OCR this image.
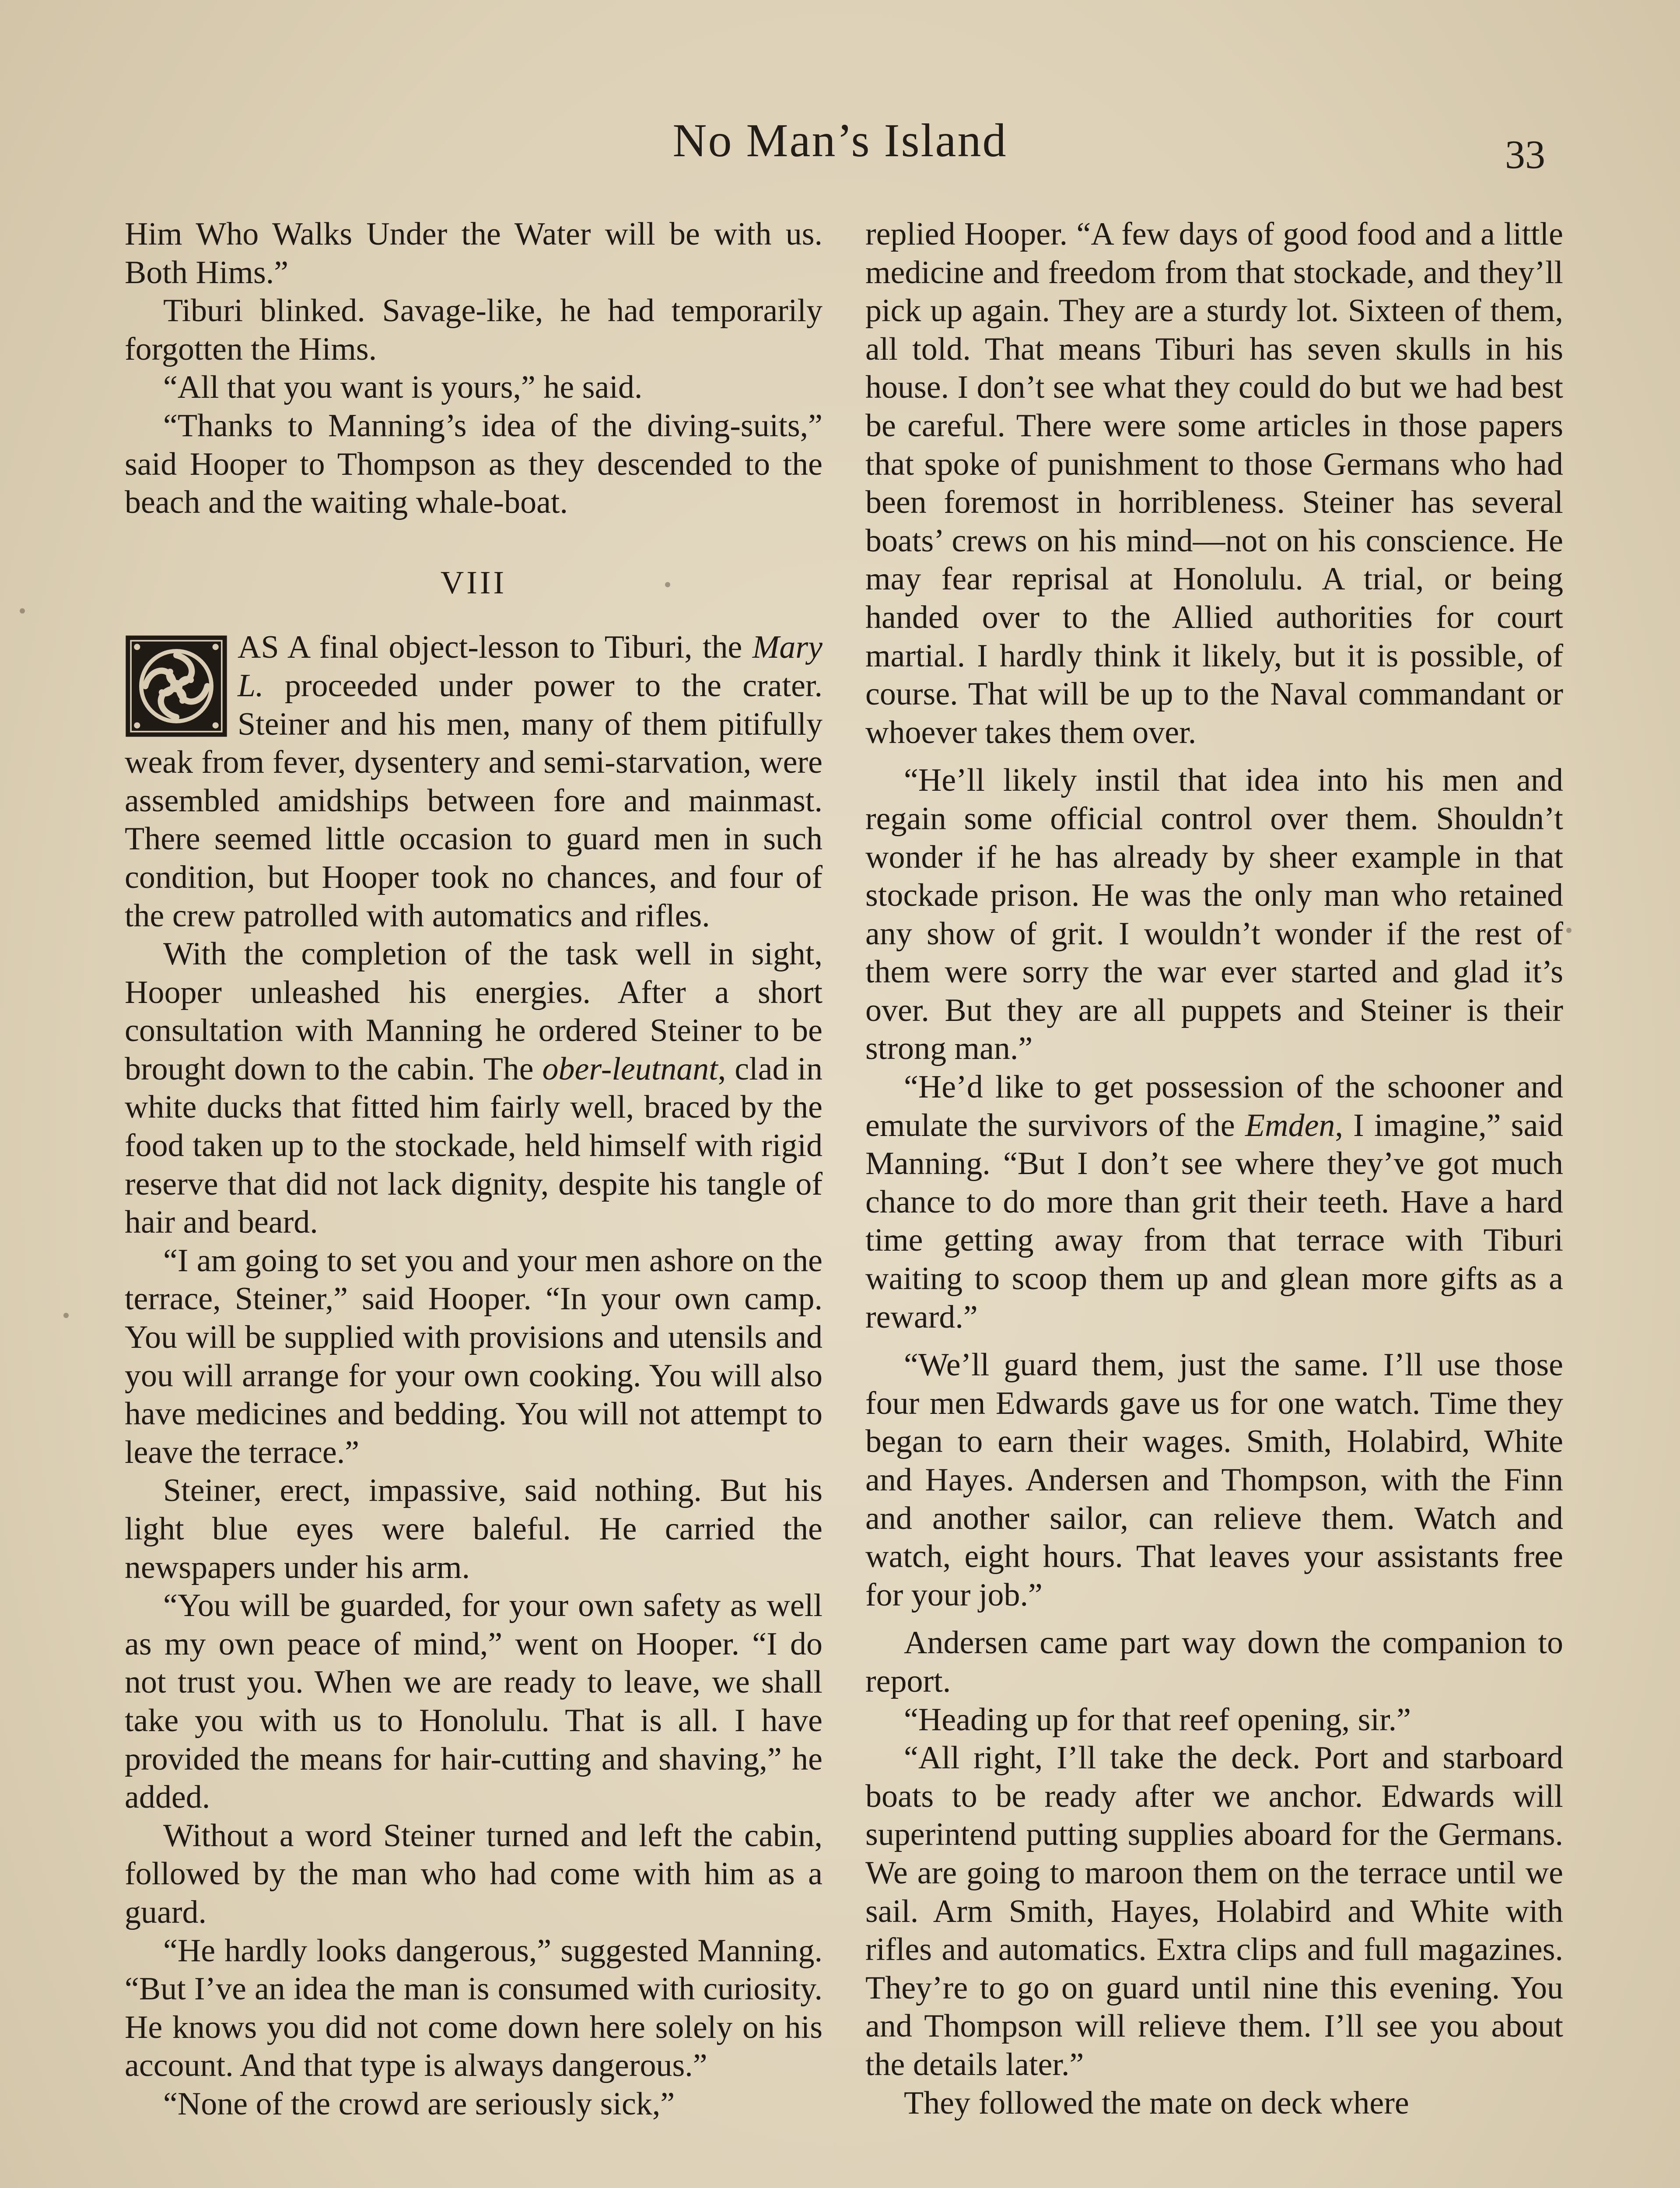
No Man’s Island	33

Him Who Walks Under the Water will be with us. Both Hims.”

Tiburi blinked. Savage-like, he had temporarily forgotten the Hims.

“All that you want is yours,” he said.

“Thanks to Manning’s idea of the diving-suits,” said Hooper to Thompson as they descended to the beach and the waiting whale-boat.

VIII

AS A final object-lesson to Tiburi, the Mary L. proceeded under power to the crater. Steiner and his men, many of them pitifully weak from fever, dysentery and semi-starvation, were assembled amidships between fore and mainmast. There seemed little occasion to guard men in such condition, but Hooper took no chances, and four of the crew patrolled with automatics and rifles.

With the completion of the task well in sight, Hooper unleashed his energies. After a short consultation with Manning he ordered Steiner to be brought down to the cabin. The ober-leutnant, clad in white ducks that fitted him fairly well, braced by the food taken up to the stockade, held himself with rigid reserve that did not lack dignity, despite his tangle of hair and beard.

“I am going to set you and your men ashore on the terrace, Steiner,” said Hooper. “In your own camp. You will be supplied with provisions and utensils and you will arrange for your own cooking. You will also have medicines and bedding. You will not attempt to leave the terrace.”

Steiner, erect, impassive, said nothing. But his light blue eyes were baleful. He carried the newspapers under his arm.

“You will be guarded, for your own safety as well as my own peace of mind,” went on Hooper. “I do not trust you. When we are ready to leave, we shall take you with us to Honolulu. That is all. I have provided the means for hair-cutting and shaving,” he added.

Without a word Steiner turned and left the cabin, followed by the man who had come with him as a guard.

“He hardly looks dangerous,” suggested Manning. “But I’ve an idea the man is consumed with curiosity. He knows you did not come down here solely on his account. And that type is always dangerous.”

“None of the crowd are seriously sick,”

replied Hooper. “A few days of good food and a little medicine and freedom from that stockade, and they’ll pick up again. They are a sturdy lot. Sixteen of them, all told. That means Tiburi has seven skulls in his house. I don’t see what they could do but we had best be careful. There were some articles in those papers that spoke of punishment to those Germans who had been foremost in horribleness. Steiner has several boats’ crews on his mind—not on his conscience. He may fear reprisal at Honolulu. A trial, or being handed over to the Allied authorities for court martial. I hardly think it likely, but it is possible, of course. That will be up to the Naval commandant or whoever takes them over.

“He’ll likely instil that idea into his men and regain some official control over them. Shouldn’t wonder if he has already by sheer example in that stockade prison. He was the only man who retained any show of grit. I wouldn’t wonder if the rest of them were sorry the war ever started and glad it’s over. But they are all puppets and Steiner is their strong man.”

“He’d like to get possession of the schooner and emulate the survivors of the Emden, I imagine,” said Manning. “But I don’t see where they’ve got much chance to do more than grit their teeth. Have a hard time getting away from that terrace with Tiburi waiting to scoop them up and glean more gifts as a reward.”

“We’ll guard them, just the same. I’ll use those four men Edwards gave us for one watch. Time they began to earn their wages. Smith, Holabird, White and Hayes. Andersen and Thompson, with the Finn and another sailor, can relieve them. Watch and watch, eight hours. That leaves your assistants free for your job.”

Andersen came part way down the companion to report.

“Heading up for that reef opening, sir.”

“All right, I’ll take the deck. Port and starboard boats to be ready after we anchor. Edwards will superintend putting supplies aboard for the Germans. We are going to maroon them on the terrace until we sail. Arm Smith, Hayes, Holabird and White with rifles and automatics. Extra clips and full magazines. They’re to go on guard until nine this evening. You and Thompson will relieve them. I’ll see you about the details later.”

They followed the mate on deck where
